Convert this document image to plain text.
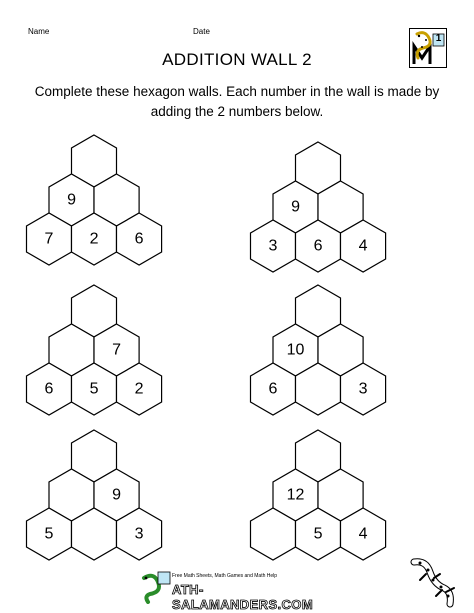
Name	Date
1
ADDITION WALL 2
Complete these hexagon walls. Each number in the wall is made by
adding the 2 numbers below.
9
7 2 6
9
3 6 4
7
6 5 2
10
6	3
9
5	3
12
5 4
Free Math Sheets, Math Games and Math Help
ATH-SALAMANDERS.COM
